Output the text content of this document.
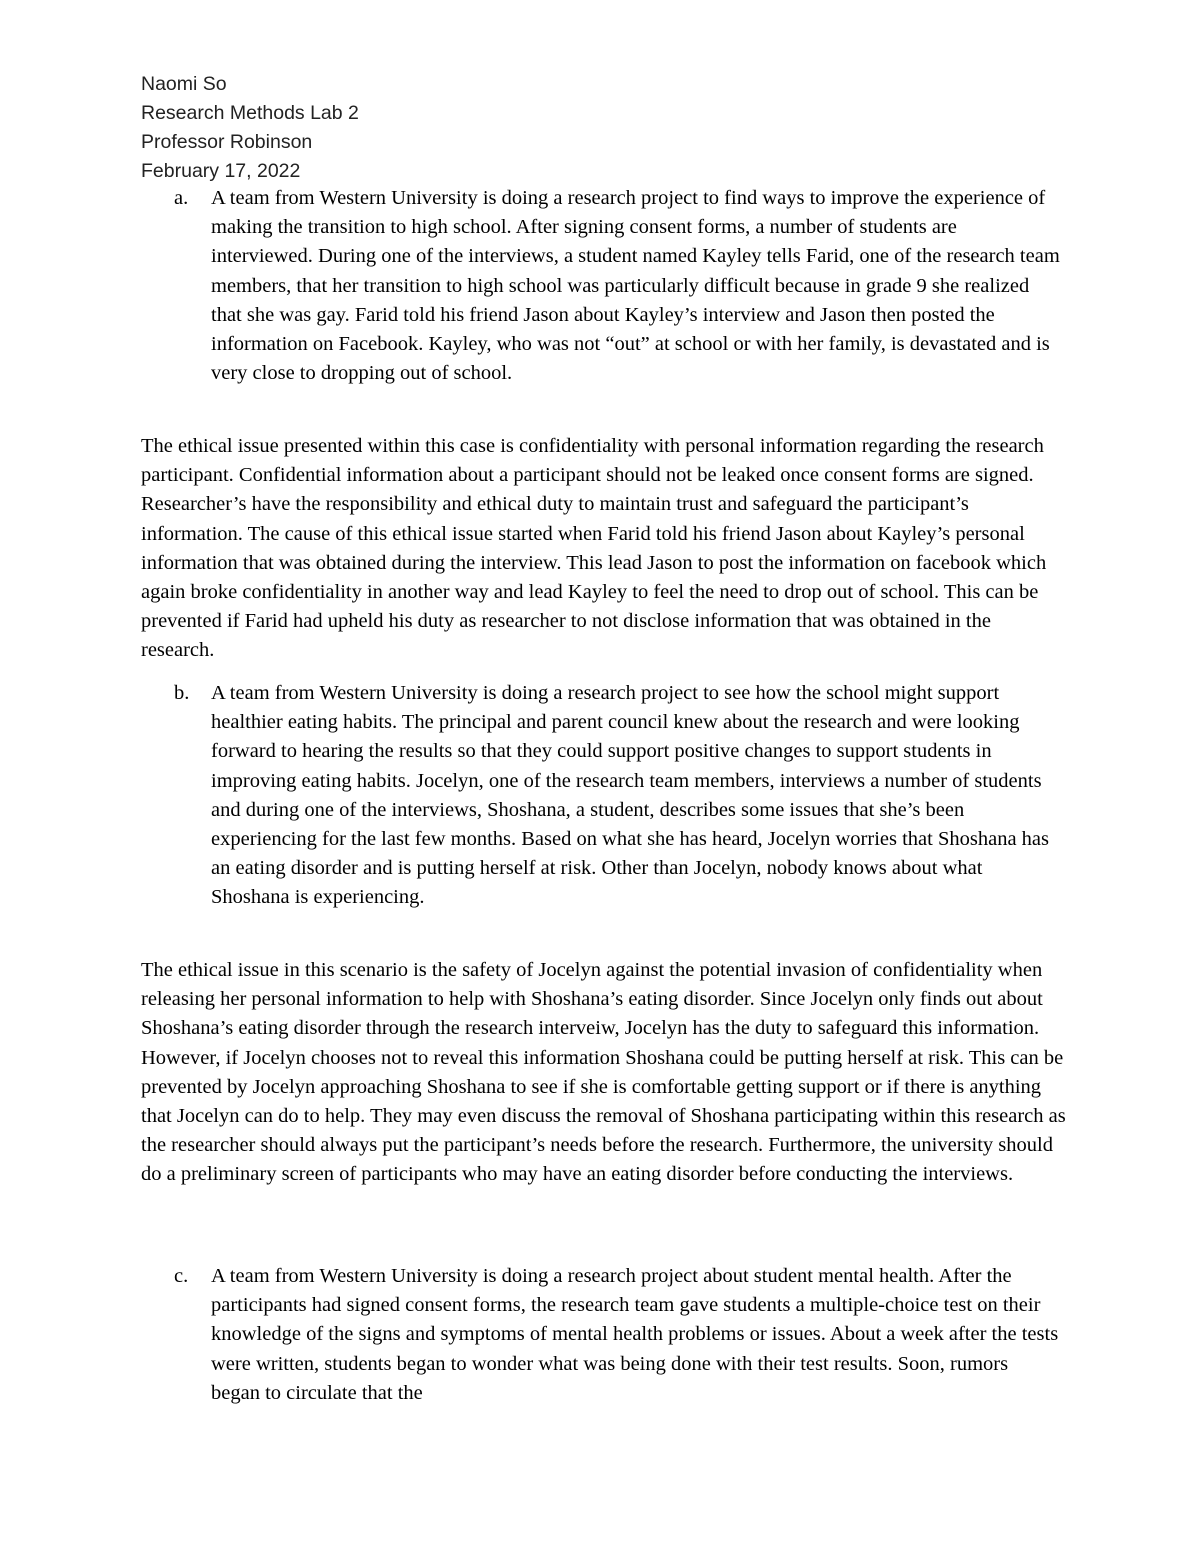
Naomi So
Research Methods Lab 2
Professor Robinson
February 17, 2022
a.	A team from Western University is doing a research project to find ways to improve the experience of making the transition to high school. After signing consent forms, a number of students are interviewed. During one of the interviews, a student named Kayley tells Farid, one of the research team members, that her transition to high school was particularly difficult because in grade 9 she realized that she was gay. Farid told his friend Jason about Kayley’s interview and Jason then posted the information on Facebook. Kayley, who was not “out” at school or with her family, is devastated and is very close to dropping out of school.
The ethical issue presented within this case is confidentiality with personal information regarding the research participant. Confidential information about a participant should not be leaked once consent forms are signed. Researcher’s have the responsibility and ethical duty to maintain trust and safeguard the participant’s information. The cause of this ethical issue started when Farid told his friend Jason about Kayley’s personal information that was obtained during the interview. This lead Jason to post the information on facebook which again broke confidentiality in another way and lead Kayley to feel the need to drop out of school. This can be prevented if Farid had upheld his duty as researcher to not disclose information that was obtained in the research.
b.	A team from Western University is doing a research project to see how the school might support healthier eating habits. The principal and parent council knew about the research and were looking forward to hearing the results so that they could support positive changes to support students in improving eating habits. Jocelyn, one of the research team members, interviews a number of students and during one of the interviews, Shoshana, a student, describes some issues that she’s been experiencing for the last few months. Based on what she has heard, Jocelyn worries that Shoshana has an eating disorder and is putting herself at risk. Other than Jocelyn, nobody knows about what Shoshana is experiencing.
The ethical issue in this scenario is the safety of Jocelyn against the potential invasion of confidentiality when releasing her personal information to help with Shoshana’s eating disorder. Since Jocelyn only finds out about Shoshana’s eating disorder through the research interveiw, Jocelyn has the duty to safeguard this information. However, if Jocelyn chooses not to reveal this information Shoshana could be putting herself at risk. This can be prevented by Jocelyn approaching Shoshana to see if she is comfortable getting support or if there is anything that Jocelyn can do to help. They may even discuss the removal of Shoshana participating within this research as the researcher should always put the participant’s needs before the research. Furthermore, the university should do a preliminary screen of participants who may have an eating disorder before conducting the interviews.
c.	A team from Western University is doing a research project about student mental health. After the participants had signed consent forms, the research team gave students a multiple-choice test on their knowledge of the signs and symptoms of mental health problems or issues. About a week after the tests were written, students began to wonder what was being done with their test results. Soon, rumors began to circulate that the
